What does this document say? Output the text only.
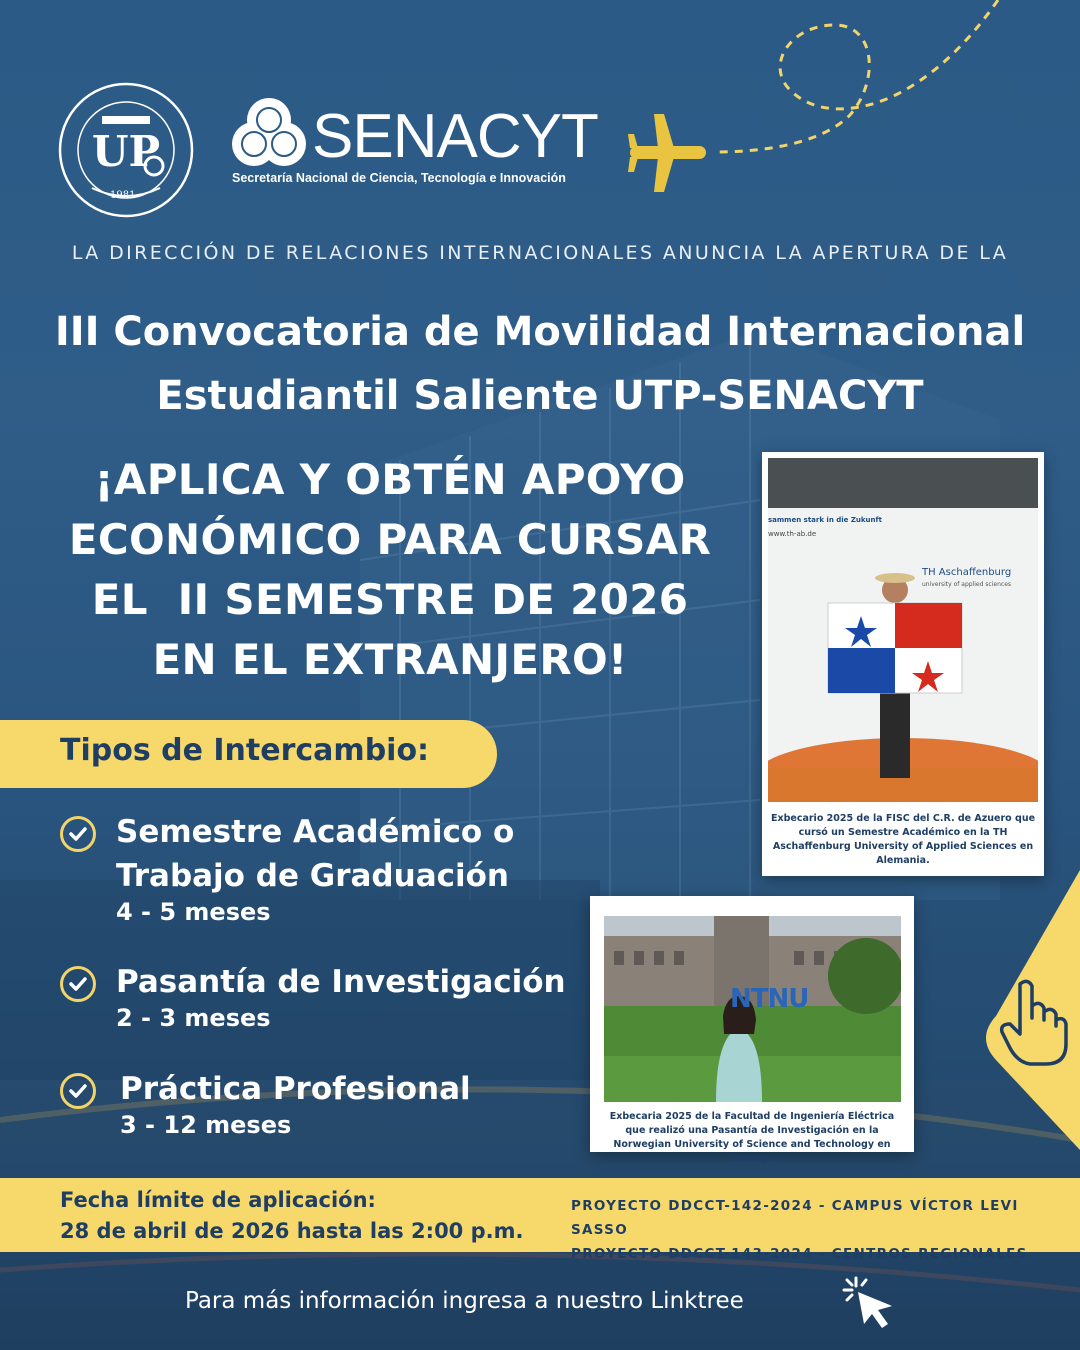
UP
1981
SENACYT
Secretaría Nacional de Ciencia, Tecnología e Innovación
LA DIRECCIÓN DE RELACIONES INTERNACIONALES ANUNCIA LA APERTURA DE LA
III Convocatoria de Movilidad Internacional
Estudiantil Saliente UTP-SENACYT
¡APLICA Y OBTÉN APOYO
ECONÓMICO PARA CURSAR
EL  II SEMESTRE DE 2026
EN EL EXTRANJERO!
Tipos de Intercambio:
Semestre Académico o
Trabajo de Graduación
4 - 5 meses
Pasantía de Investigación
2 - 3 meses
Práctica Profesional
3 - 12 meses
sammen stark in die Zukunft
www.th-ab.de
TH Aschaffenburg
university of applied sciences
Exbecario 2025 de la FISC del C.R. de Azuero que cursó un Semestre Académico en la TH Aschaffenburg University of Applied Sciences en Alemania.
NTNU
Exbecaria 2025 de la Facultad de Ingeniería Eléctrica que realizó una Pasantía de Investigación en la Norwegian University of Science and Technology en Noruega.
Fecha límite de aplicación:
28 de abril de 2026 hasta las 2:00 p.m.
PROYECTO DDCCT-142-2024 - CAMPUS VÍCTOR LEVI SASSO
PROYECTO DDCCT-143-2024 - CENTROS REGIONALES
Para más información ingresa a nuestro Linktree
